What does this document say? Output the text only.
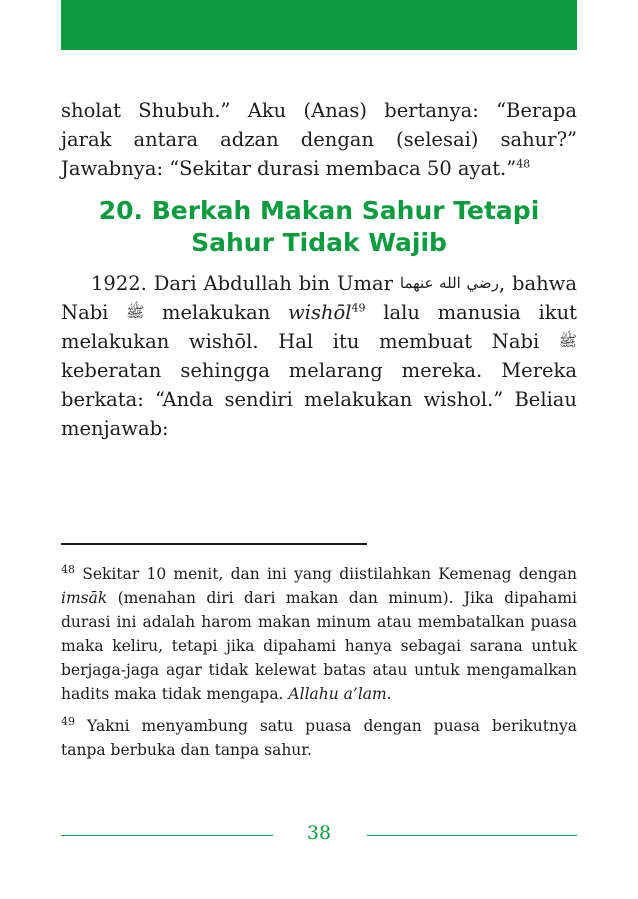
sholat Shubuh.” Aku (Anas) bertanya: “Berapa jarak antara adzan dengan (selesai) sahur?” Jawabnya: “Sekitar durasi membaca 50 ayat.”$^{48}$

20. Berkah Makan Sahur Tetapi
Sahur Tidak Wajib

1922. Dari Abdullah bin Umar رضي الله عنهما, bahwa Nabi ﷺ melakukan wishōl$^{49}$ lalu manusia ikut melakukan wishōl. Hal itu membuat Nabi ﷺ keberatan sehingga melarang mereka. Mereka berkata: “Anda sendiri melakukan wishol.” Beliau menjawab:

$^{48}$ Sekitar 10 menit, dan ini yang diistilahkan Kemenag dengan imsāk (menahan diri dari makan dan minum). Jika dipahami durasi ini adalah harom makan minum atau membatalkan puasa maka keliru, tetapi jika dipahami hanya sebagai sarana untuk berjaga-jaga agar tidak kelewat batas atau untuk mengamalkan hadits maka tidak mengapa. Allahu a’lam.

$^{49}$ Yakni menyambung satu puasa dengan puasa berikutnya tanpa berbuka dan tanpa sahur.

38
